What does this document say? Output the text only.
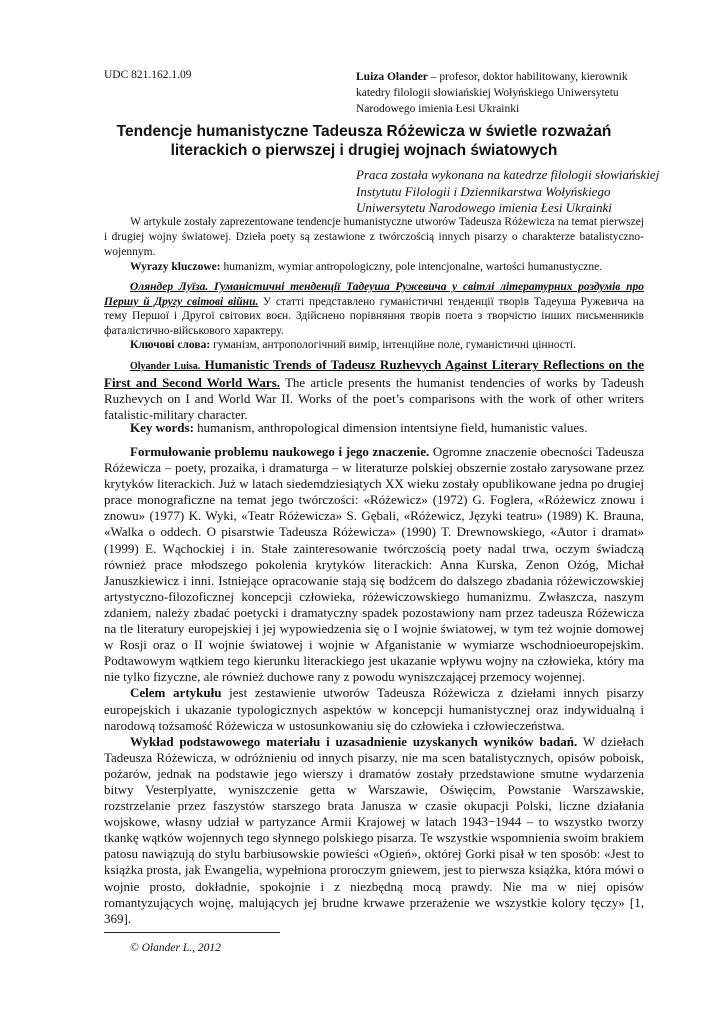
UDC 821.162.1.09	Luiza Olander – profesor, doktor habilitowany, kierownik katedry filologii słowiańskiej Wołyńskiego Uniwersytetu Narodowego imienia Łesi Ukrainki
Tendencje humanistyczne Tadeusza Różewicza w świetle rozważań literackich o pierwszej i drugiej wojnach światowych
Praca została wykonana na katedrze filologii słowiańskiej
Instytutu Filologii i Dziennikarstwa Wołyńskiego
Uniwersytetu Narodowego imienia Łesi Ukrainki
W artykule zostały zaprezentowane tendencje humanistyczne utworów Tadeusza Różewicza na temat pierwszej i drugiej wojny światowej. Dzieła poety są zestawione z twórczością innych pisarzy o charakterze batalistyczno-wojennym.
Wyrazy kluczowe: humanizm, wymiar antropologiczny, pole intencjonalne, wartości humanustyczne.
Оляндер Луїза. Гуманістичні тенденції Тадеуша Ружевича у світлі літературних роздумів про Першу й Другу світові війни. У статті представлено гуманістичні тенденції творів Тадеуша Ружевича на тему Першої і Другої світових воєн. Здійснено порівняння творів поета з творчістю інших письменників фаталістично-військового характеру.
Ключові слова: гуманізм, антропологічний вимір, інтенційне поле, гуманістичні цінності.
Olyander Luisa. Humanistic Trends of Tadeusz Ruzhevych Against Literary Reflections on the First and Second World Wars. The article presents the humanist tendencies of works by Tadeush Ruzhevych on I and World War II. Works of the poet’s comparisons with the work of other writers fatalistic-military character.
Key words: humanism, anthropological dimension intentsiyne field, humanistic values.

Formułowanie problemu naukowego i jego znaczenie. Ogromne znaczenie obecności Tadeusza Różewicza – poety, prozaika, i dramaturga – w literaturze polskiej obszernie zostało zarysowane przez krytyków literackich. Już w latach siedemdziesiątych XX wieku zostały opublikowane jedna po drugiej prace monograficzne na temat jego twórczości: «Różewicz» (1972) G. Foglera, «Różewicz znowu i znowu» (1977) K. Wyki, «Teatr Różewicza» S. Gębali, «Różewicz, Języki teatru» (1989) K. Brauna, «Walka o oddech. O pisarstwie Tadeusza Różewicza» (1990) T. Drewnowskiego, «Autor i dramat» (1999) E. Wąchockiej i in. Stałe zainteresowanie twórczością poety nadal trwa, oczym świadczą również prace młodszego pokolenia krytyków literackich: Anna Kurska, Zenon Ożóg, Michał Januszkiewicz i inni. Istniejące opracowanie stają się bodźcem do dalszego zbadania różewiczowskiej artystyczno-filozoficznej koncepcji człowieka, różewiczowskiego humanizmu. Zwłaszcza, naszym zdaniem, należy zbadać poetycki i dramatyczny spadek pozostawiony nam przez tadeusza Różewicza na tle literatury europejskiej i jej wypowiedzenia się o I wojnie światowej, w tym też wojnie domowej w Rosji oraz o II wojnie światowej i wojnie w Afganistanie w wymiarze wschodnioeuropejskim. Podtawowym wątkiem tego kierunku literackiego jest ukazanie wpływu wojny na człowieka, który ma nie tylko fizyczne, ale również duchowe rany z powodu wyniszczającej przemocy wojennej.

Celem artykułu jest zestawienie utworów Tadeusza Różewicza z dziełami innych pisarzy europejskich i ukazanie typologicznych aspektów w koncepcji humanistycznej oraz indywidualną i narodową tożsamość Różewicza w ustosunkowaniu się do człowieka i człowieczeństwa.

Wykład podstawowego materiału i uzasadnienie uzyskanych wyników badań. W dziełach Tadeusza Różewicza, w odróżnieniu od innych pisarzy, nie ma scen batalistycznych, opisów poboisk, pożarów, jednak na podstawie jego wierszy i dramatów zostały przedstawione smutne wydarzenia bitwy Vesterplyatte, wyniszczenie getta w Warszawie, Oświęcim, Powstanie Warszawskie, rozstrzelanie przez faszystów starszego brata Janusza w czasie okupacji Polski, liczne działania wojskowe, własny udział w partyzance Armii Krajowej w latach 1943−1944 – to wszystko tworzy tkankę wątków wojennych tego słynnego polskiego pisarza. Te wszystkie wspomnienia swoim brakiem patosu nawiązują do stylu barbiusowskie powieści «Ogień», októrej Gorki pisał w ten sposób: «Jest to książka prosta, jak Ewangelia, wypełniona proroczym gniewem, jest to pierwsza książka, która mówi o wojnie prosto, dokładnie, spokojnie i z niezbędną mocą prawdy. Nie ma w niej opisów romantyzujących wojnę, malujących jej brudne krwawe przerażenie we wszystkie kolory tęczy» [1, 369].

© Olander L., 2012
